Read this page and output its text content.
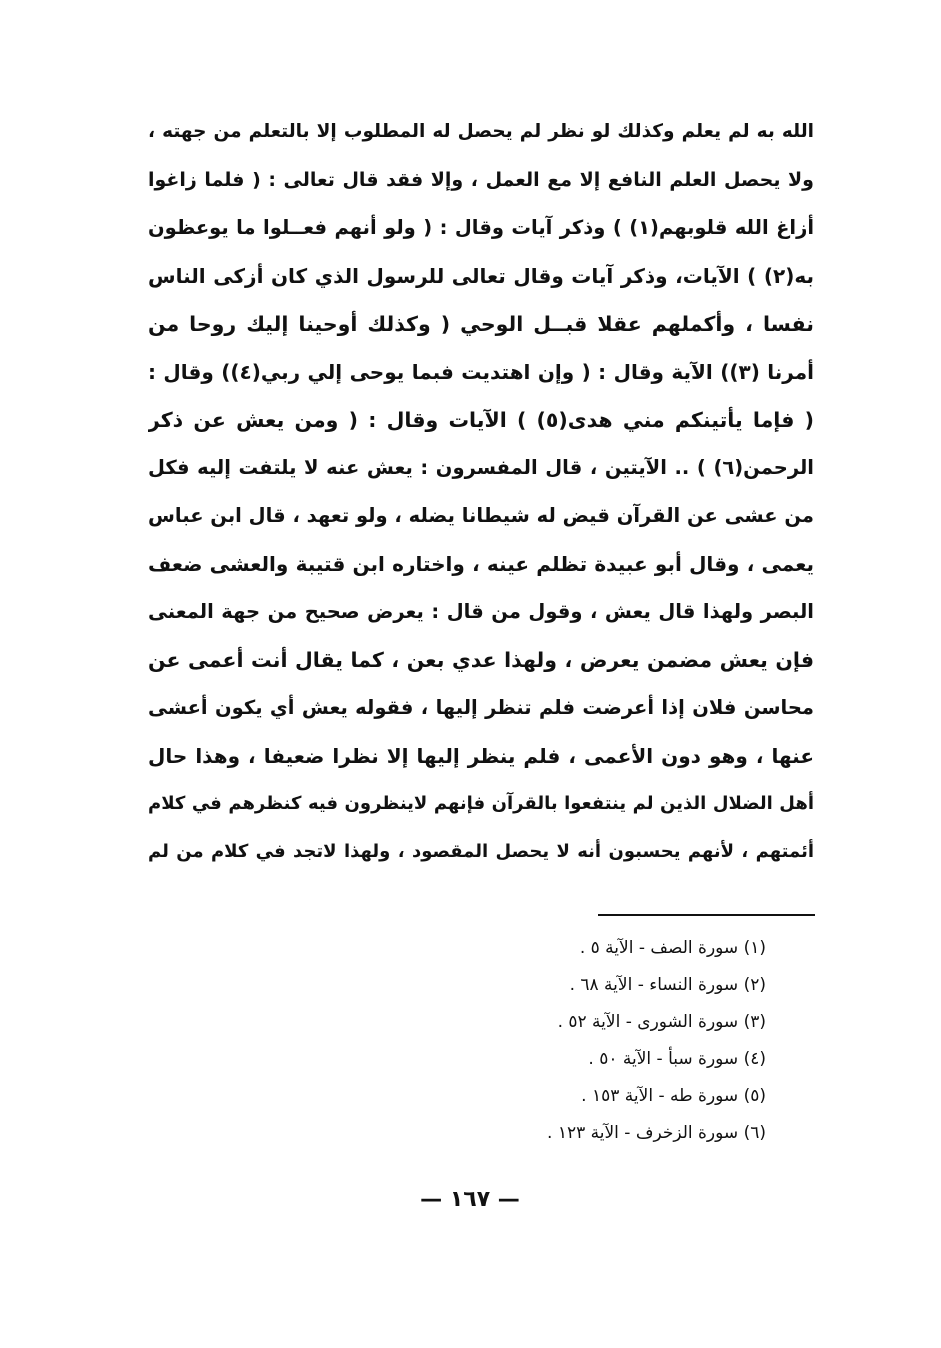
الله به لم يعلم وكذلك لو نظر لم يحصل له المطلوب إلا بالتعلم من جهته ،
ولا يحصل العلم النافع إلا مع العمل ، وإلا فقد قال تعالى : ( فلما زاغوا
أزاغ الله قلوبهم(١) ) وذكر آيات وقال : ( ولو أنهم فعــلوا ما يوعظون
به(٢) ) الآيات، وذكر آيات وقال تعالى للرسول الذي كان أزكى الناس
نفسا ، وأكملهم عقلا قبــل الوحي ( وكذلك أوحينا إليك روحا من
أمرنا (٣)) الآية وقال : ( وإن اهتديت فبما يوحى إلي ربي(٤)) وقال :
( فإما يأتينكم مني هدى(٥) ) الآيات وقال : ( ومن يعش عن ذكر
الرحمن(٦) ) .. الآيتين ، قال المفسرون : يعش عنه لا يلتفت إليه فكل
من عشى عن القرآن قيض له شيطانا يضله ، ولو تعهد ، قال ابن عباس
يعمى ، وقال أبو عبيدة تظلم عينه ، واختاره ابن قتيبة والعشى ضعف
البصر ولهذا قال يعش ، وقول من قال : يعرض صحيح من جهة المعنى
فإن يعش مضمن يعرض ، ولهذا عدي بعن ، كما يقال أنت أعمى عن
محاسن فلان إذا أعرضت فلم تنظر إليها ، فقوله يعش أي يكون أعشى
عنها ، وهو دون الأعمى ، فلم ينظر إليها إلا نظرا ضعيفا ، وهذا حال
أهل الضلال الذين لم ينتفعوا بالقرآن فإنهم لاينظرون فيه كنظرهم في كلام
أئمتهم ، لأنهم يحسبون أنه لا يحصل المقصود ، ولهذا لاتجد في كلام من لم
(١) سورة الصف - الآية ٥ .
(٢) سورة النساء - الآية ٦٨ .
(٣) سورة الشورى - الآية ٥٢ .
(٤) سورة سبأ - الآية ٥٠ .
(٥) سورة طه - الآية ١٥٣ .
(٦) سورة الزخرف - الآية ١٢٣ .
— ١٦٧ —
